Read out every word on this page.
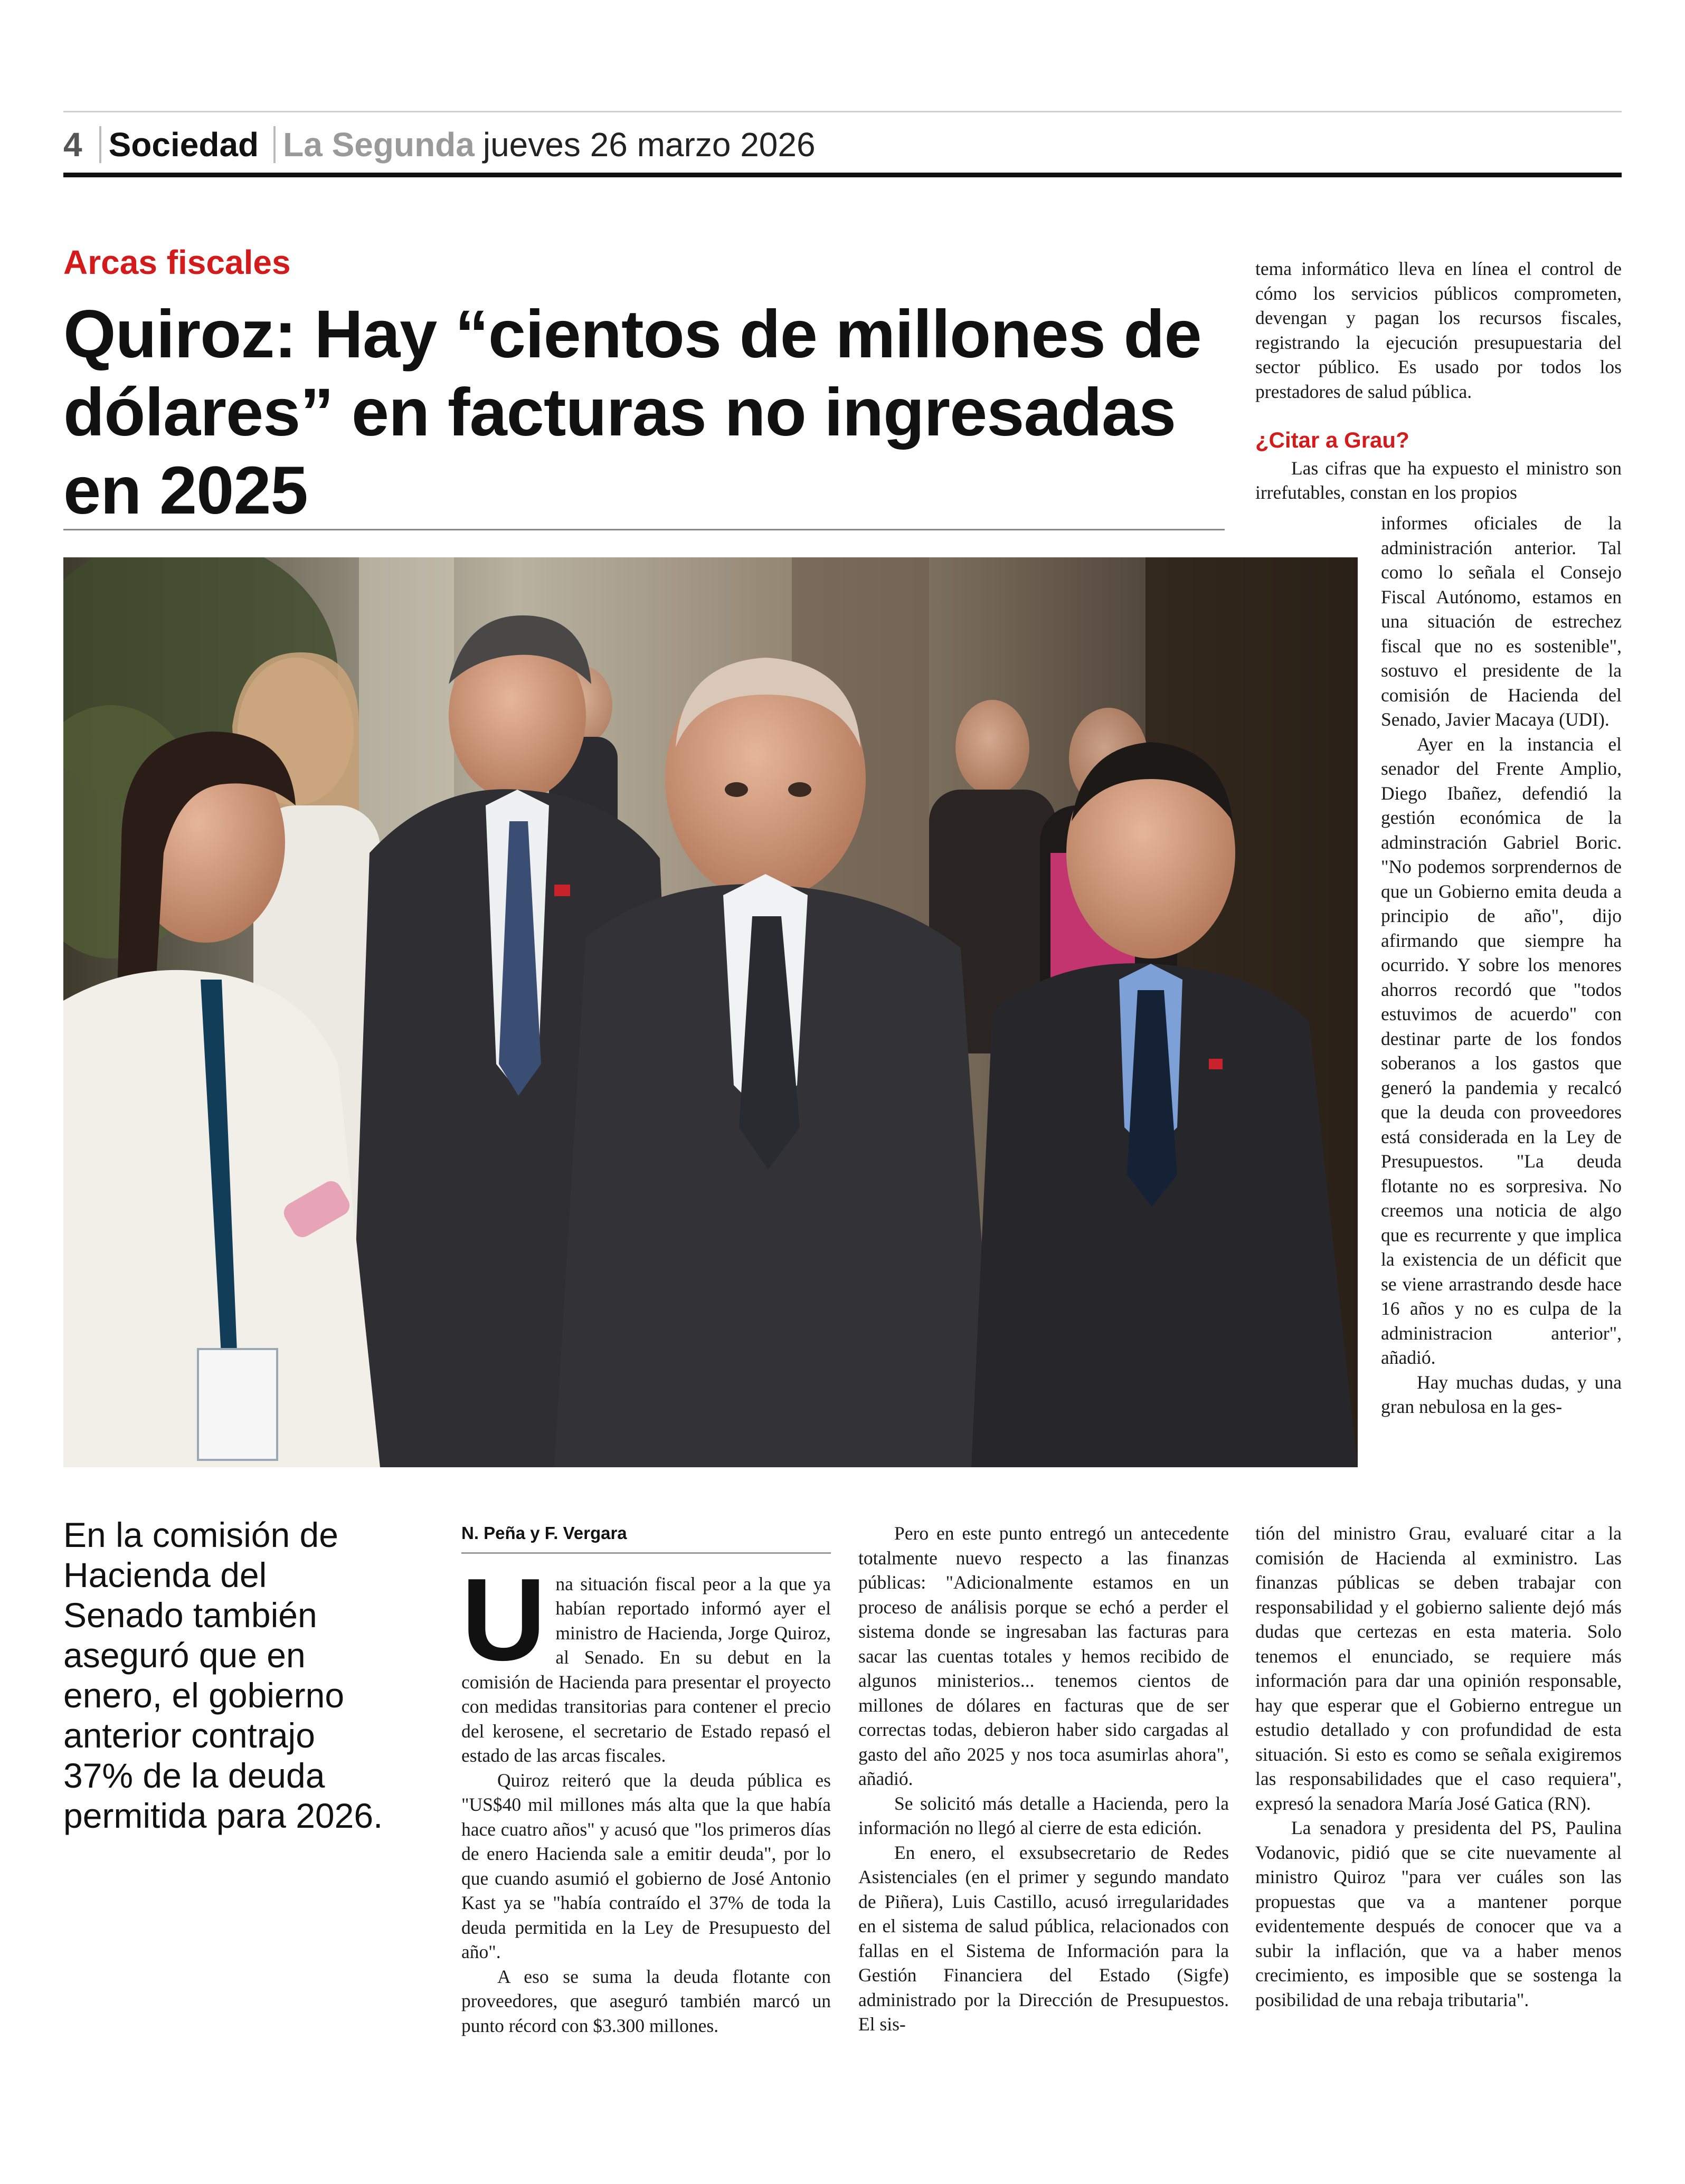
4 Sociedad La Segunda jueves 26 marzo 2026
Arcas fiscales
Quiroz: Hay “cientos de millones de dólares” en facturas no ingresadas en 2025

En la comisión de Hacienda del Senado también aseguró que en enero, el gobierno anterior contrajo 37% de la deuda permitida para 2026.

N. Peña y F. Vergara
U na situación fiscal peor a la que ya habían reportado informó ayer el ministro de Hacienda, Jorge Quiroz, al Senado. En su debut en la comisión de Hacienda para presentar el proyecto con medidas transitorias para contener el precio del kerosene, el secretario de Estado repasó el estado de las arcas fiscales.

Quiroz reiteró que la deuda pública es "US$40 mil millones más alta que la que había hace cuatro años" y acusó que "los primeros días de enero Hacienda sale a emitir deuda", por lo que cuando asumió el gobierno de José Antonio Kast ya se "había contraído el 37% de toda la deuda permitida en la Ley de Presupuesto del año".

A eso se suma la deuda flotante con proveedores, que aseguró también marcó un punto récord con $3.300 millones.

Pero en este punto entregó un antecedente totalmente nuevo respecto a las finanzas públicas: "Adicionalmente estamos en un proceso de análisis porque se echó a perder el sistema donde se ingresaban las facturas para sacar las cuentas totales y hemos recibido de algunos ministerios... tenemos cientos de millones de dólares en facturas que de ser correctas todas, debieron haber sido cargadas al gasto del año 2025 y nos toca asumirlas ahora", añadió.

Se solicitó más detalle a Hacienda, pero la información no llegó al cierre de esta edición.

En enero, el exsubsecretario de Redes Asistenciales (en el primer y segundo mandato de Piñera), Luis Castillo, acusó irregularidades en el sistema de salud pública, relacionados con fallas en el Sistema de Información para la Gestión Financiera del Estado (Sigfe) administrado por la Dirección de Presupuestos. El sis-

tema informático lleva en línea el control de cómo los servicios públicos comprometen, devengan y pagan los recursos fiscales, registrando la ejecución presupuestaria del sector público. Es usado por todos los prestadores de salud pública.

¿Citar a Grau?

Las cifras que ha expuesto el ministro son irrefutables, constan en los propios

informes oficiales de la administración anterior. Tal como lo señala el Consejo Fiscal Autónomo, estamos en una situación de estrechez fiscal que no es sostenible", sostuvo el presidente de la comisión de Hacienda del Senado, Javier Macaya (UDI).

Ayer en la instancia el senador del Frente Amplio, Diego Ibañez, defendió la gestión económica de la adminstración Gabriel Boric. "No podemos sorprendernos de que un Gobierno emita deuda a principio de año", dijo afirmando que siempre ha ocurrido. Y sobre los menores ahorros recordó que "todos estuvimos de acuerdo" con destinar parte de los fondos soberanos a los gastos que generó la pandemia y recalcó que la deuda con proveedores está considerada en la Ley de Presupuestos. "La deuda flotante no es sorpresiva. No creemos una noticia de algo que es recurrente y que implica la existencia de un déficit que se viene arrastrando desde hace 16 años y no es culpa de la administracion anterior", añadió.

Hay muchas dudas, y una gran nebulosa en la ges-

tión del ministro Grau, evaluaré citar a la comisión de Hacienda al exministro. Las finanzas públicas se deben trabajar con responsabilidad y el gobierno saliente dejó más dudas que certezas en esta materia. Solo tenemos el enunciado, se requiere más información para dar una opinión responsable, hay que esperar que el Gobierno entregue un estudio detallado y con profundidad de esta situación. Si esto es como se señala exigiremos las responsabilidades que el caso requiera", expresó la senadora María José Gatica (RN).

La senadora y presidenta del PS, Paulina Vodanovic, pidió que se cite nuevamente al ministro Quiroz "para ver cuáles son las propuestas que va a mantener porque evidentemente después de conocer que va a subir la inflación, que va a haber menos crecimiento, es imposible que se sostenga la posibilidad de una rebaja tributaria".
